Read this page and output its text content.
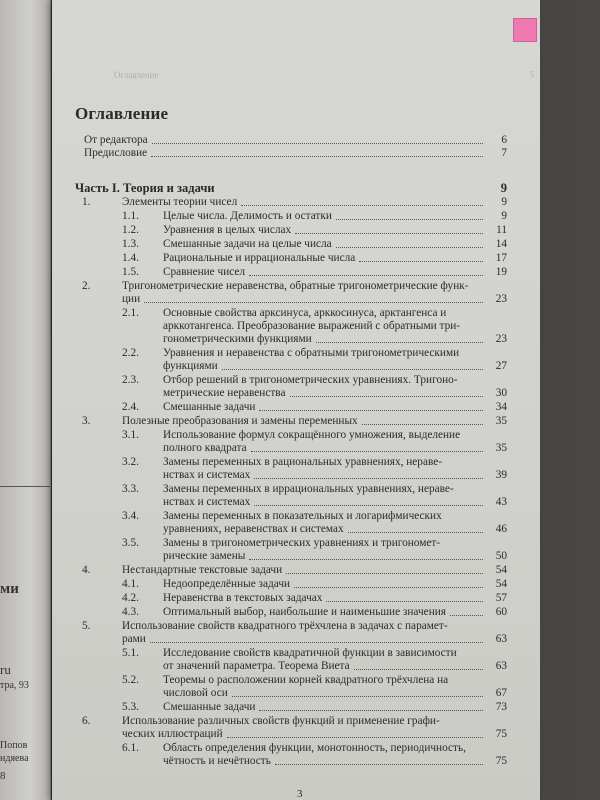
ми
ru
тра, 93
Попов
ндяева
8
Оглавление	5
Оглавление
От редактора	6
Предисловие	7
Часть I. Теория и задачи	9
1.	Элементы теории чисел	9
1.1.	Целые числа. Делимость и остатки	9
1.2.	Уравнения в целых числах	11
1.3.	Смешанные задачи на целые числа	14
1.4.	Рациональные и иррациональные числа	17
1.5.	Сравнение чисел	19
2.	Тригонометрические неравенства, обратные тригонометрические функ-
ции	23
2.1.	Основные свойства арксинуса, арккосинуса, арктангенса и
арккотангенса. Преобразование выражений с обратными три-
гонометрическими функциями	23
2.2.	Уравнения и неравенства с обратными тригонометрическими
функциями	27
2.3.	Отбор решений в тригонометрических уравнениях. Тригоно-
метрические неравенства	30
2.4.	Смешанные задачи	34
3.	Полезные преобразования и замены переменных	35
3.1.	Использование формул сокращённого умножения, выделение
полного квадрата	35
3.2.	Замены переменных в рациональных уравнениях, нераве-
нствах и системах	39
3.3.	Замены переменных в иррациональных уравнениях, нераве-
нствах и системах	43
3.4.	Замены переменных в показательных и логарифмических
уравнениях, неравенствах и системах	46
3.5.	Замены в тригонометрических уравнениях и тригономет-
рические замены	50
4.	Нестандартные текстовые задачи	54
4.1.	Недоопределённые задачи	54
4.2.	Неравенства в текстовых задачах	57
4.3.	Оптимальный выбор, наибольшие и наименьшие значения	60
5.	Использование свойств квадратного трёхчлена в задачах с парамет-
рами	63
5.1.	Исследование свойств квадратичной функции в зависимости
от значений параметра. Теорема Виета	63
5.2.	Теоремы о расположении корней квадратного трёхчлена на
числовой оси	67
5.3.	Смешанные задачи	73
6.	Использование различных свойств функций и применение графи-
ческих иллюстраций	75
6.1.	Область определения функции, монотонность, периодичность,
чётность и нечётность	75
3
